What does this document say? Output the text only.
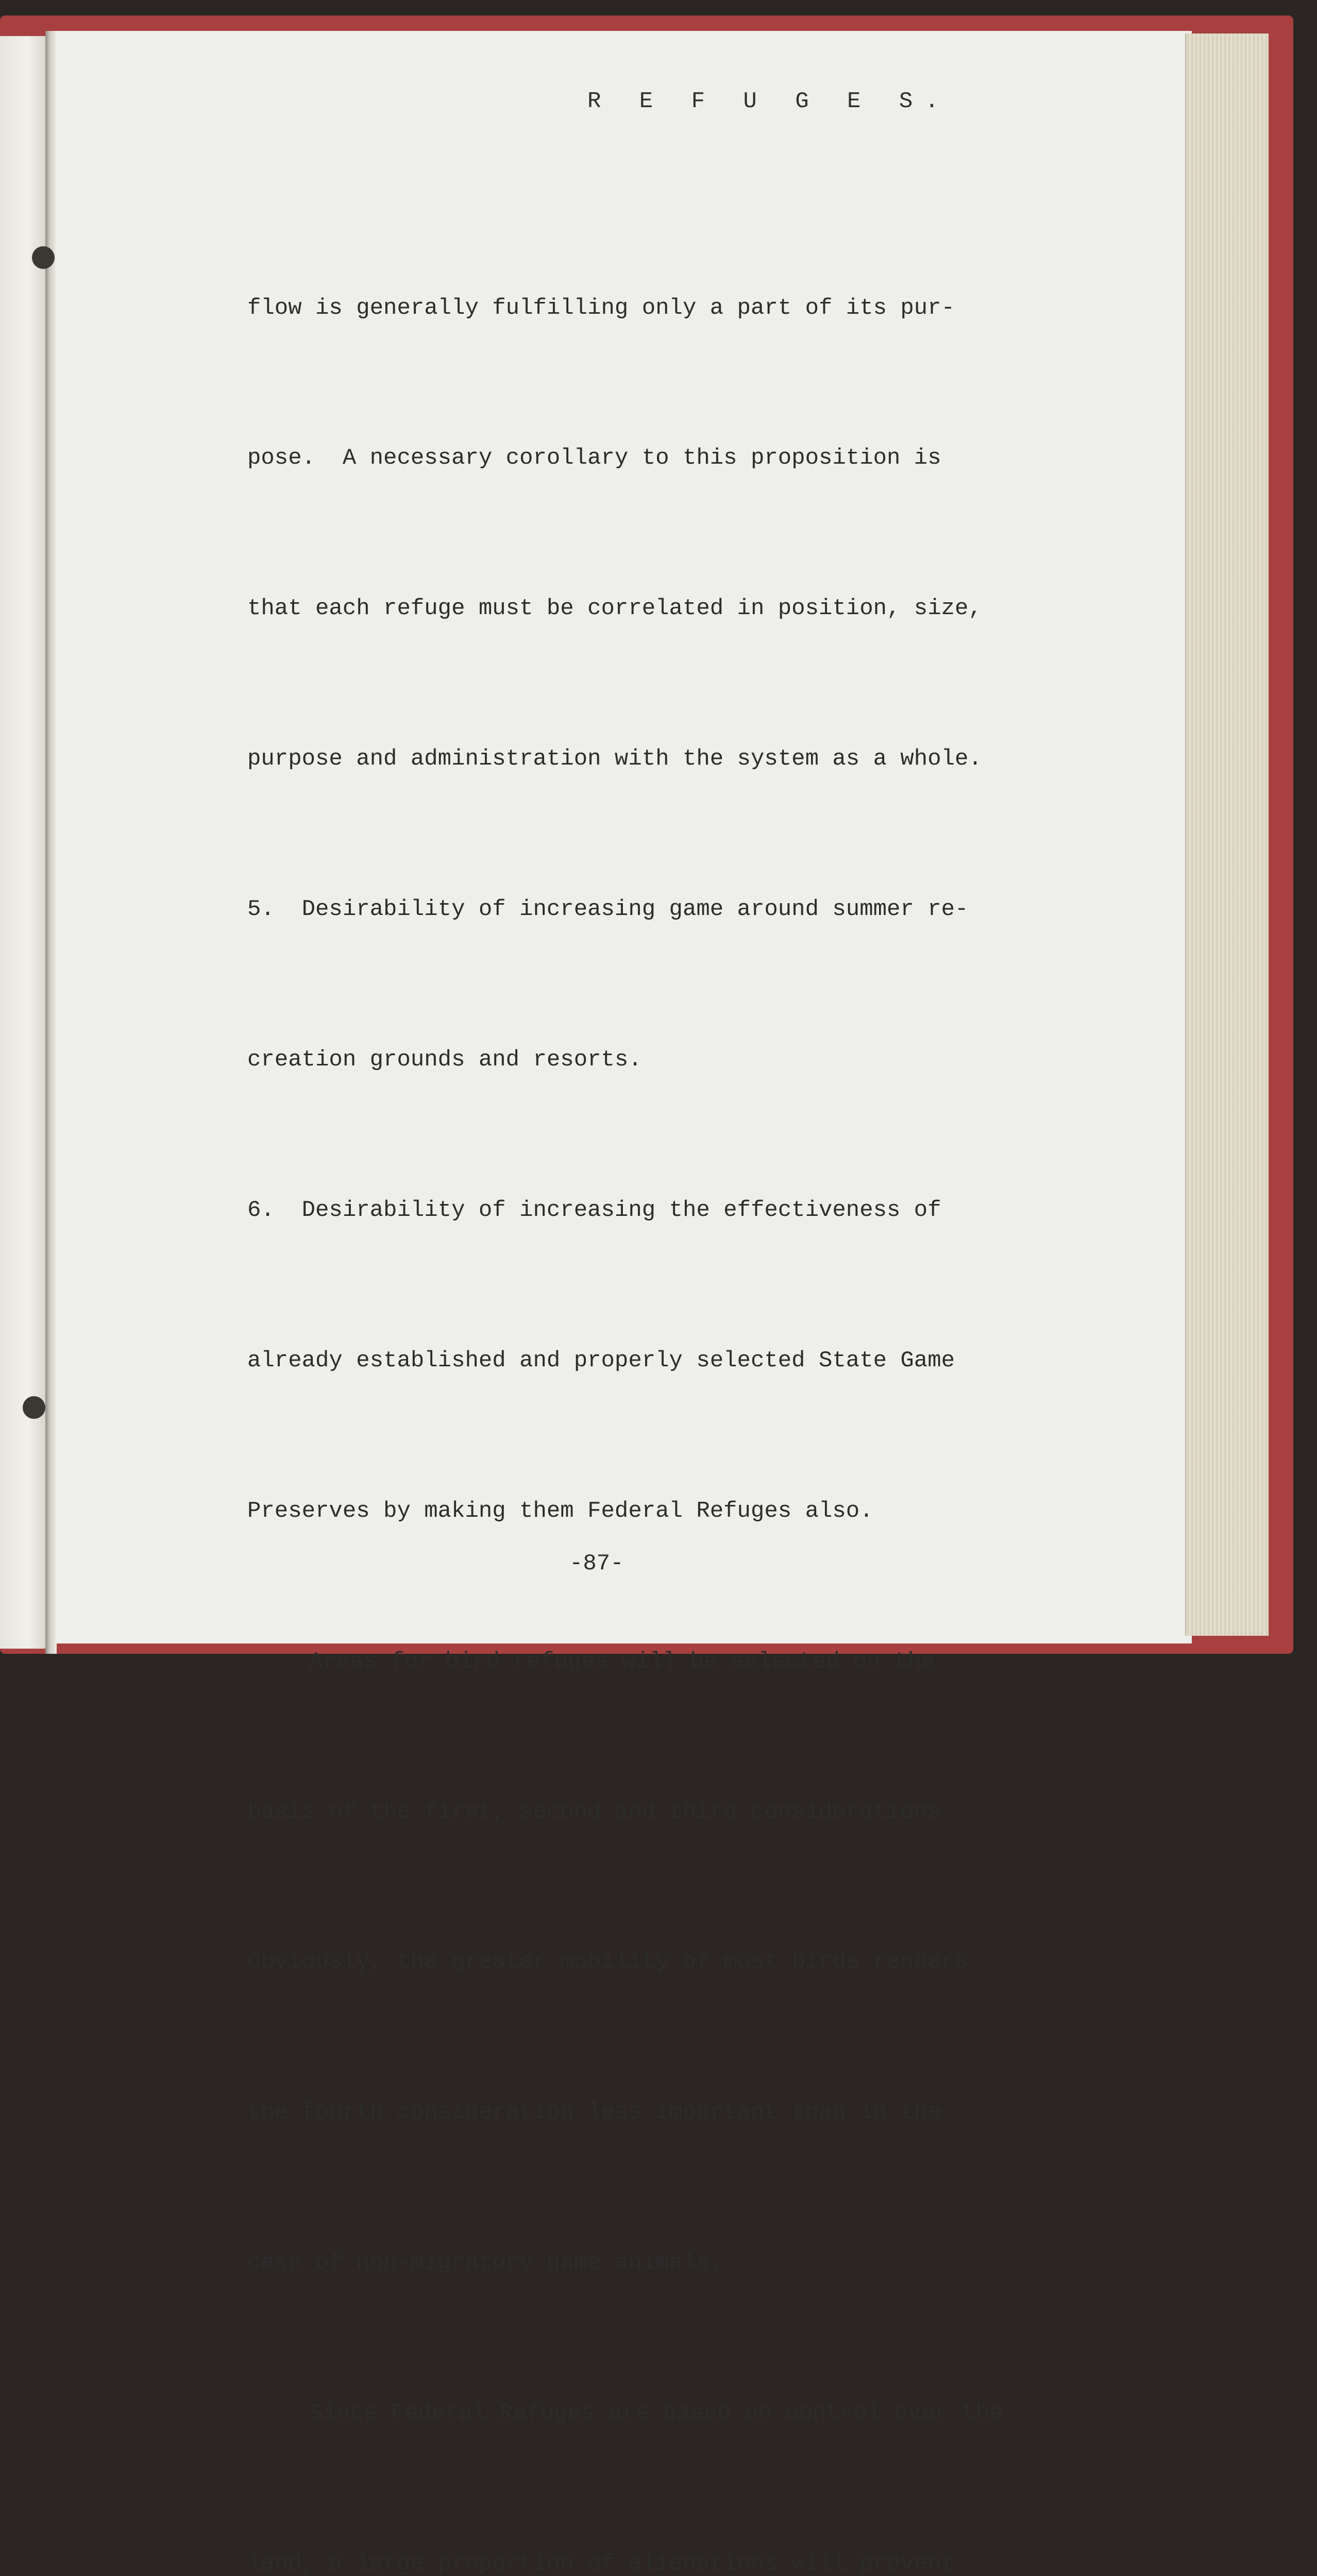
R E F U G E S.

flow is generally fulfilling only a part of its pur-

pose.  A necessary corollary to this proposition is

that each refuge must be correlated in position, size,

purpose and administration with the system as a whole.

5.  Desirability of increasing game around summer re-

creation grounds and resorts.

6.  Desirability of increasing the effectiveness of

already established and properly selected State Game

Preserves by making them Federal Refuges also.

Areas for bird refuges will be selected on the

basis of the first, second and third considerations.

Obviously, the greater mobility of most birds renders

the fourth consideration less important than in the

case of non-migratory game animals.

Since Federal Refuges are based on control over the

land, a large proportion of alienations will prevent

-87-
